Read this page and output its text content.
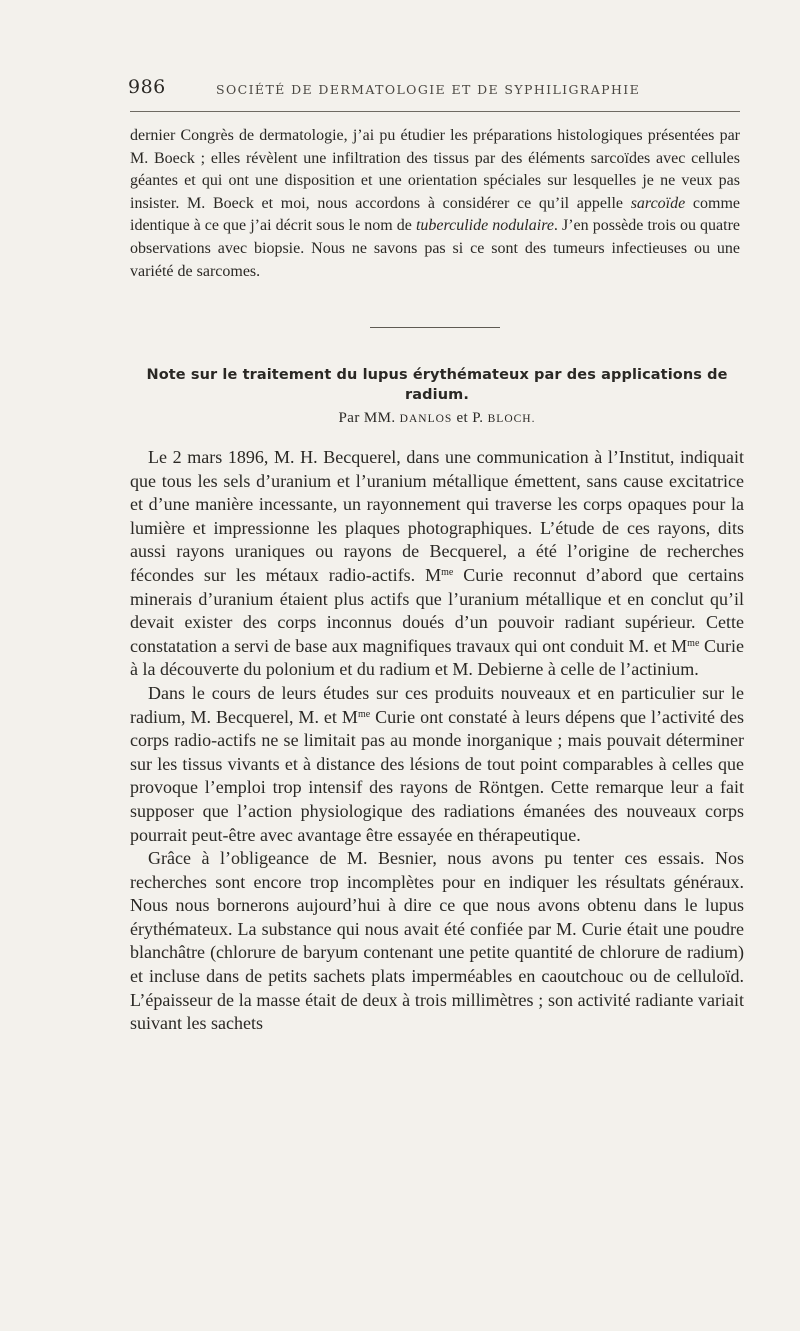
986	SOCIÉTÉ DE DERMATOLOGIE ET DE SYPHILIGRAPHIE

dernier Congrès de dermatologie, j’ai pu étudier les préparations histologiques présentées par M. Boeck ; elles révèlent une infiltration des tissus par des éléments sarcoïdes avec cellules géantes et qui ont une disposition et une orientation spéciales sur lesquelles je ne veux pas insister. M. Boeck et moi, nous accordons à considérer ce qu’il appelle sarcoïde comme identique à ce que j’ai décrit sous le nom de tuberculide nodulaire. J’en possède trois ou quatre observations avec biopsie. Nous ne savons pas si ce sont des tumeurs infectieuses ou une variété de sarcomes.

Note sur le traitement du lupus érythémateux par des applications de radium.
Par MM. DANLOS et P. BLOCH.

Le 2 mars 1896, M. H. Becquerel, dans une communication à l’Institut, indiquait que tous les sels d’uranium et l’uranium métallique émettent, sans cause excitatrice et d’une manière incessante, un rayonnement qui traverse les corps opaques pour la lumière et impressionne les plaques photographiques. L’étude de ces rayons, dits aussi rayons uraniques ou rayons de Becquerel, a été l’origine de recherches fécondes sur les métaux radio-actifs. $M^{me}$ Curie reconnut d’abord que certains minerais d’uranium étaient plus actifs que l’uranium métallique et en conclut qu’il devait exister des corps inconnus doués d’un pouvoir radiant supérieur. Cette constatation a servi de base aux magnifiques travaux qui ont conduit M. et $M^{me}$ Curie à la découverte du polonium et du radium et M. Debierne à celle de l’actinium.

Dans le cours de leurs études sur ces produits nouveaux et en particulier sur le radium, M. Becquerel, M. et $M^{me}$ Curie ont constaté à leurs dépens que l’activité des corps radio-actifs ne se limitait pas au monde inorganique ; mais pouvait déterminer sur les tissus vivants et à distance des lésions de tout point comparables à celles que provoque l’emploi trop intensif des rayons de Röntgen. Cette remarque leur a fait supposer que l’action physiologique des radiations émanées des nouveaux corps pourrait peut-être avec avantage être essayée en thérapeutique.

Grâce à l’obligeance de M. Besnier, nous avons pu tenter ces essais. Nos recherches sont encore trop incomplètes pour en indiquer les résultats généraux. Nous nous bornerons aujourd’hui à dire ce que nous avons obtenu dans le lupus érythémateux. La substance qui nous avait été confiée par M. Curie était une poudre blanchâtre (chlorure de baryum contenant une petite quantité de chlorure de radium) et incluse dans de petits sachets plats imperméables en caoutchouc ou de celluloïd. L’épaisseur de la masse était de deux à trois millimètres ; son activité radiante variait suivant les sachets
